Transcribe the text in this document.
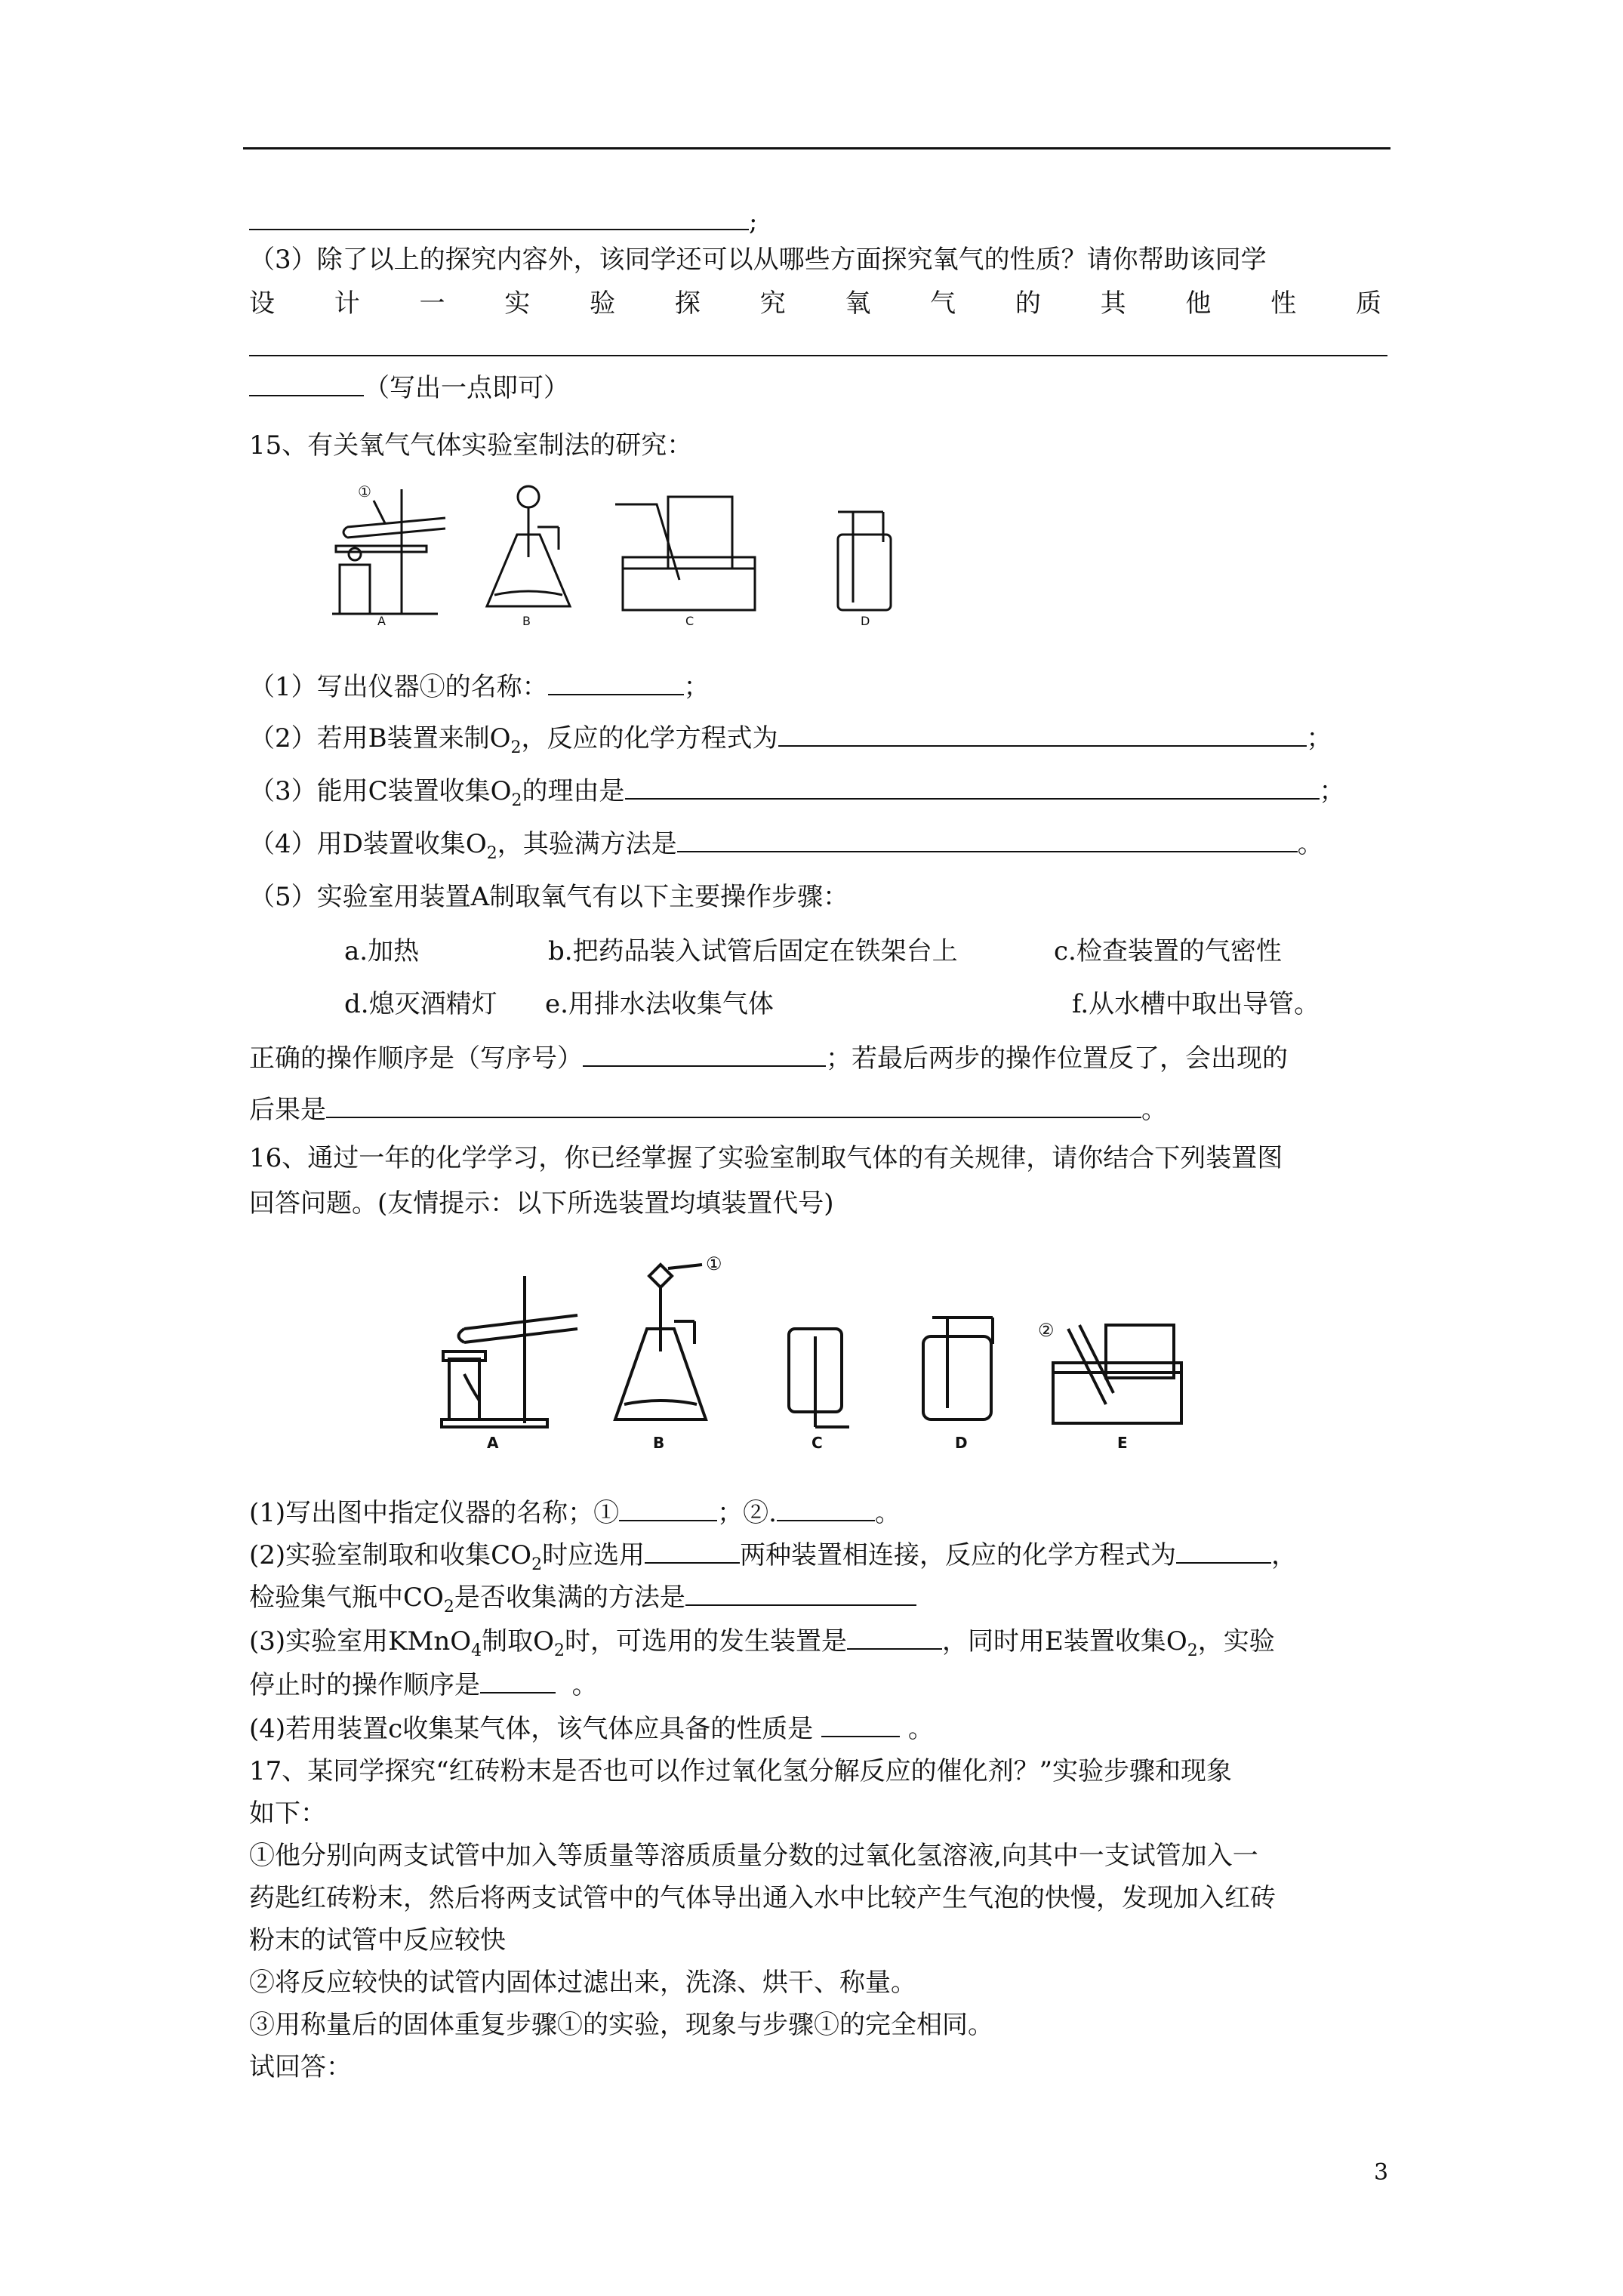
;
（3）除了以上的探究内容外，该同学还可以从哪些方面探究氧气的性质？请你帮助该同学
设 计 一 实 验 探 究 氧 气 的 其 他 性 质
（写出一点即可）
15、有关氧气气体实验室制法的研究：
①
A	B	C	D
（1）写出仪器①的名称：	；
（2）若用B装置来制$O_2$，反应的化学方程式为	；
（3）能用C装置收集$O_2$的理由是	；
（4）用D装置收集$O_2$，其验满方法是	。
（5）实验室用装置A制取氧气有以下主要操作步骤：
a.加热	b.把药品装入试管后固定在铁架台上	c.检查装置的气密性
d.熄灭酒精灯 e.用排水法收集气体	f.从水槽中取出导管。
正确的操作顺序是（写序号）	；若最后两步的操作位置反了，会出现的
后果是	。
16、通过一年的化学学习，你已经掌握了实验室制取气体的有关规律，请你结合下列装置图
回答问题。(友情提示：以下所选装置均填装置代号)
①
②
A	B	C	D	E
(1)写出图中指定仪器的名称；①	；②.	。
(2)实验室制取和收集$CO_2$时应选用	两种装置相连接，反应的化学方程式为	，
检验集气瓶中$CO_2$是否收集满的方法是
(3)实验室用KMnO$_4$制取$O_2$时，可选用的发生装置是	，同时用E装置收集$O_2$，实验
停止时的操作顺序是	。
(4)若用装置c收集某气体，该气体应具备的性质是	。
17、某同学探究“红砖粉末是否也可以作过氧化氢分解反应的催化剂？”实验步骤和现象
如下：
①他分别向两支试管中加入等质量等溶质质量分数的过氧化氢溶液,向其中一支试管加入一
药匙红砖粉末，然后将两支试管中的气体导出通入水中比较产生气泡的快慢，发现加入红砖
粉末的试管中反应较快
②将反应较快的试管内固体过滤出来，洗涤、烘干、称量。
③用称量后的固体重复步骤①的实验，现象与步骤①的完全相同。
试回答：
3
